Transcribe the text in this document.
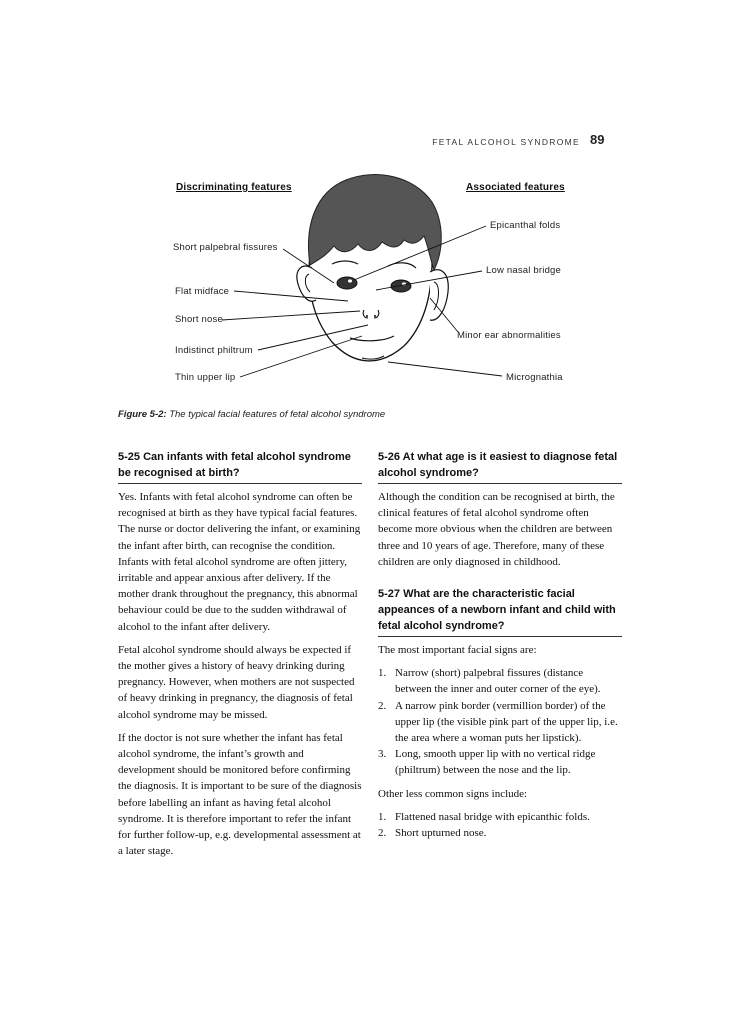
FETAL ALCOHOL SYNDROME 89
Discriminating features	Associated features
Short palpebral fissures
Flat midface
Short nose
Indistinct philtrum
Thin upper lip
Epicanthal folds
Low nasal bridge
Minor ear abnormalities
Micrognathia
Figure 5-2: The typical facial features of fetal alcohol syndrome
5-25 Can infants with fetal alcohol syndrome be recognised at birth?

Yes. Infants with fetal alcohol syndrome can often be recognised at birth as they have typical facial features. The nurse or doctor delivering the infant, or examining the infant after birth, can recognise the condition. Infants with fetal alcohol syndrome are often jittery, irritable and appear anxious after delivery. If the mother drank throughout the pregnancy, this abnormal behaviour could be due to the sudden withdrawal of alcohol to the infant after delivery.

Fetal alcohol syndrome should always be expected if the mother gives a history of heavy drinking during pregnancy. However, when mothers are not suspected of heavy drinking in pregnancy, the diagnosis of fetal alcohol syndrome may be missed.

If the doctor is not sure whether the infant has fetal alcohol syndrome, the infant’s growth and development should be monitored before confirming the diagnosis. It is important to be sure of the diagnosis before labelling an infant as having fetal alcohol syndrome. It is therefore important to refer the infant for further follow-up, e.g. developmental assessment at a later stage.

5-26 At what age is it easiest to diagnose fetal alcohol syndrome?

Although the condition can be recognised at birth, the clinical features of fetal alcohol syndrome often become more obvious when the children are between three and 10 years of age. Therefore, many of these children are only diagnosed in childhood.

5-27 What are the characteristic facial appeances of a newborn infant and child with fetal alcohol syndrome?

The most important facial signs are:

1. Narrow (short) palpebral fissures (distance between the inner and outer corner of the eye).
2. A narrow pink border (vermillion border) of the upper lip (the visible pink part of the upper lip, i.e. the area where a woman puts her lipstick).
3. Long, smooth upper lip with no vertical ridge (philtrum) between the nose and the lip.

Other less common signs include:

1. Flattened nasal bridge with epicanthic folds.
2. Short upturned nose.
